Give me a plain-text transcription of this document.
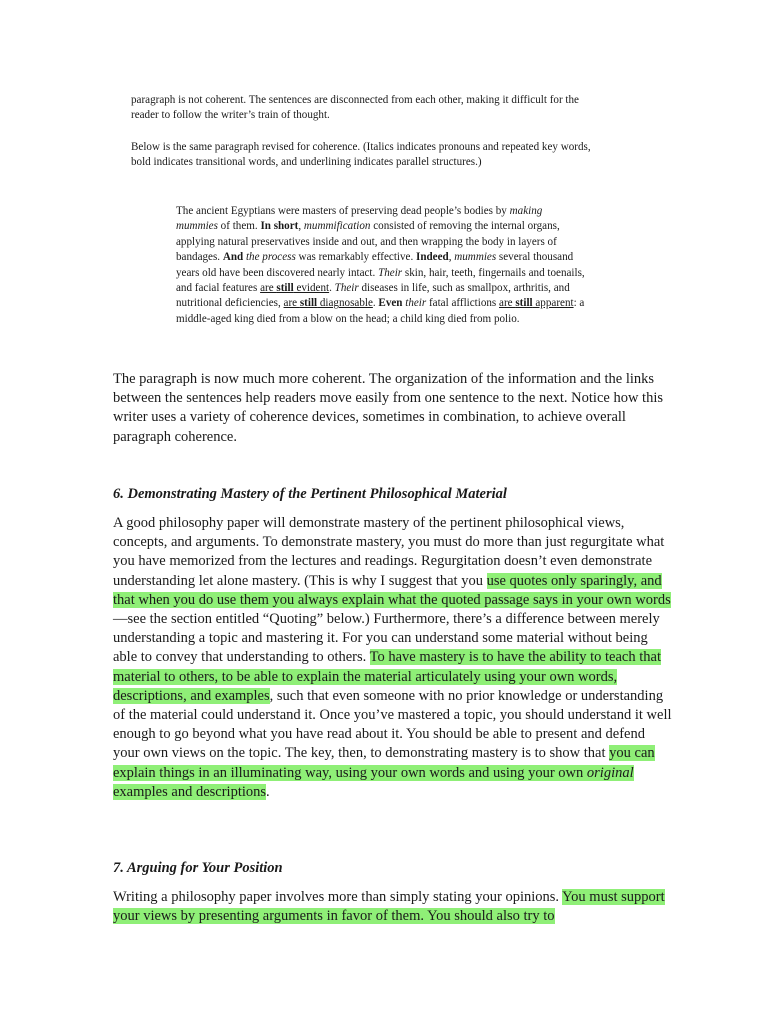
paragraph is not coherent. The sentences are disconnected from each other, making it difficult for the reader to follow the writer’s train of thought.

Below is the same paragraph revised for coherence. (Italics indicates pronouns and repeated key words, bold indicates transitional words, and underlining indicates parallel structures.)

The ancient Egyptians were masters of preserving dead people’s bodies by making mummies of them. In short, mummification consisted of removing the internal organs, applying natural preservatives inside and out, and then wrapping the body in layers of bandages. And the process was remarkably effective. Indeed, mummies several thousand years old have been discovered nearly intact. Their skin, hair, teeth, fingernails and toenails, and facial features are still evident. Their diseases in life, such as smallpox, arthritis, and nutritional deficiencies, are still diagnosable. Even their fatal afflictions are still apparent: a middle-aged king died from a blow on the head; a child king died from polio.

The paragraph is now much more coherent. The organization of the information and the links between the sentences help readers move easily from one sentence to the next. Notice how this writer uses a variety of coherence devices, sometimes in combination, to achieve overall paragraph coherence.

6. Demonstrating Mastery of the Pertinent Philosophical Material

A good philosophy paper will demonstrate mastery of the pertinent philosophical views, concepts, and arguments. To demonstrate mastery, you must do more than just regurgitate what you have memorized from the lectures and readings. Regurgitation doesn’t even demonstrate understanding let alone mastery. (This is why I suggest that you use quotes only sparingly, and that when you do use them you always explain what the quoted passage says in your own words—see the section entitled “Quoting” below.) Furthermore, there’s a difference between merely understanding a topic and mastering it. For you can understand some material without being able to convey that understanding to others. To have mastery is to have the ability to teach that material to others, to be able to explain the material articulately using your own words, descriptions, and examples, such that even someone with no prior knowledge or understanding of the material could understand it. Once you’ve mastered a topic, you should understand it well enough to go beyond what you have read about it. You should be able to present and defend your own views on the topic. The key, then, to demonstrating mastery is to show that you can explain things in an illuminating way, using your own words and using your own original examples and descriptions.

7. Arguing for Your Position

Writing a philosophy paper involves more than simply stating your opinions. You must support your views by presenting arguments in favor of them. You should also try to
